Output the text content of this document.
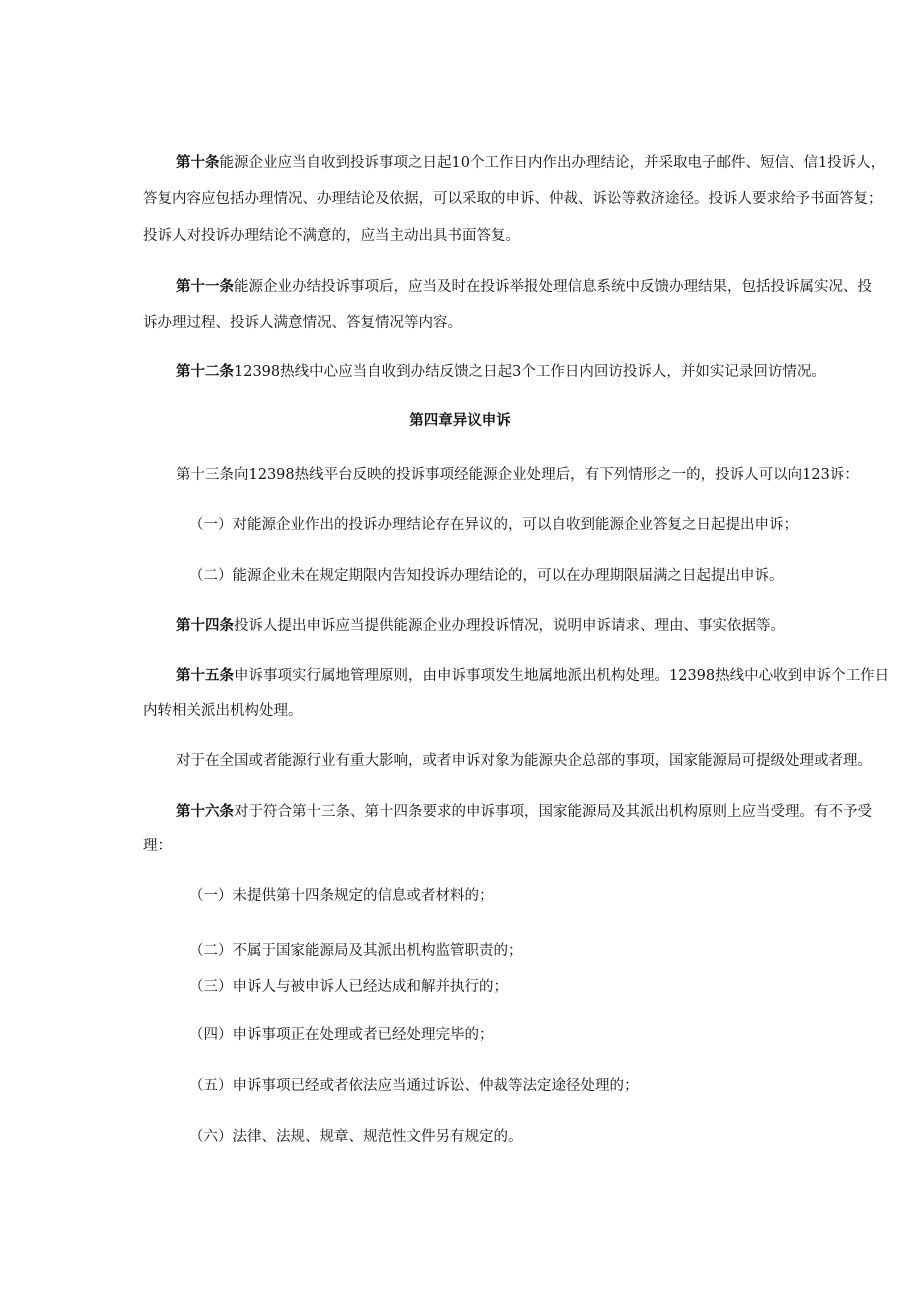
第十条能源企业应当自收到投诉事项之日起10个工作日内作出办理结论，并采取电子邮件、短信、信1投诉人，
答复内容应包括办理情况、办理结论及依据，可以采取的申诉、仲裁、诉讼等救济途径。投诉人要求给予书面答复；
投诉人对投诉办理结论不满意的，应当主动出具书面答复。
第十一条能源企业办结投诉事项后，应当及时在投诉举报处理信息系统中反馈办理结果，包括投诉属实况、投
诉办理过程、投诉人满意情况、答复情况等内容。
第十二条12398热线中心应当自收到办结反馈之日起3个工作日内回访投诉人，并如实记录回访情况。
第四章异议申诉
第十三条向12398热线平台反映的投诉事项经能源企业处理后，有下列情形之一的，投诉人可以向123诉：
（一）对能源企业作出的投诉办理结论存在异议的，可以自收到能源企业答复之日起提出申诉；
（二）能源企业未在规定期限内告知投诉办理结论的，可以在办理期限届满之日起提出申诉。
第十四条投诉人提出申诉应当提供能源企业办理投诉情况，说明申诉请求、理由、事实依据等。
第十五条申诉事项实行属地管理原则，由申诉事项发生地属地派出机构处理。12398热线中心收到申诉个工作日
内转相关派出机构处理。
对于在全国或者能源行业有重大影响，或者申诉对象为能源央企总部的事项，国家能源局可提级处理或者理。
第十六条对于符合第十三条、第十四条要求的申诉事项，国家能源局及其派出机构原则上应当受理。有不予受
理：
（一）未提供第十四条规定的信息或者材料的；
（二）不属于国家能源局及其派出机构监管职责的；
（三）申诉人与被申诉人已经达成和解并执行的；
（四）申诉事项正在处理或者已经处理完毕的；
（五）申诉事项已经或者依法应当通过诉讼、仲裁等法定途径处理的；
（六）法律、法规、规章、规范性文件另有规定的。
